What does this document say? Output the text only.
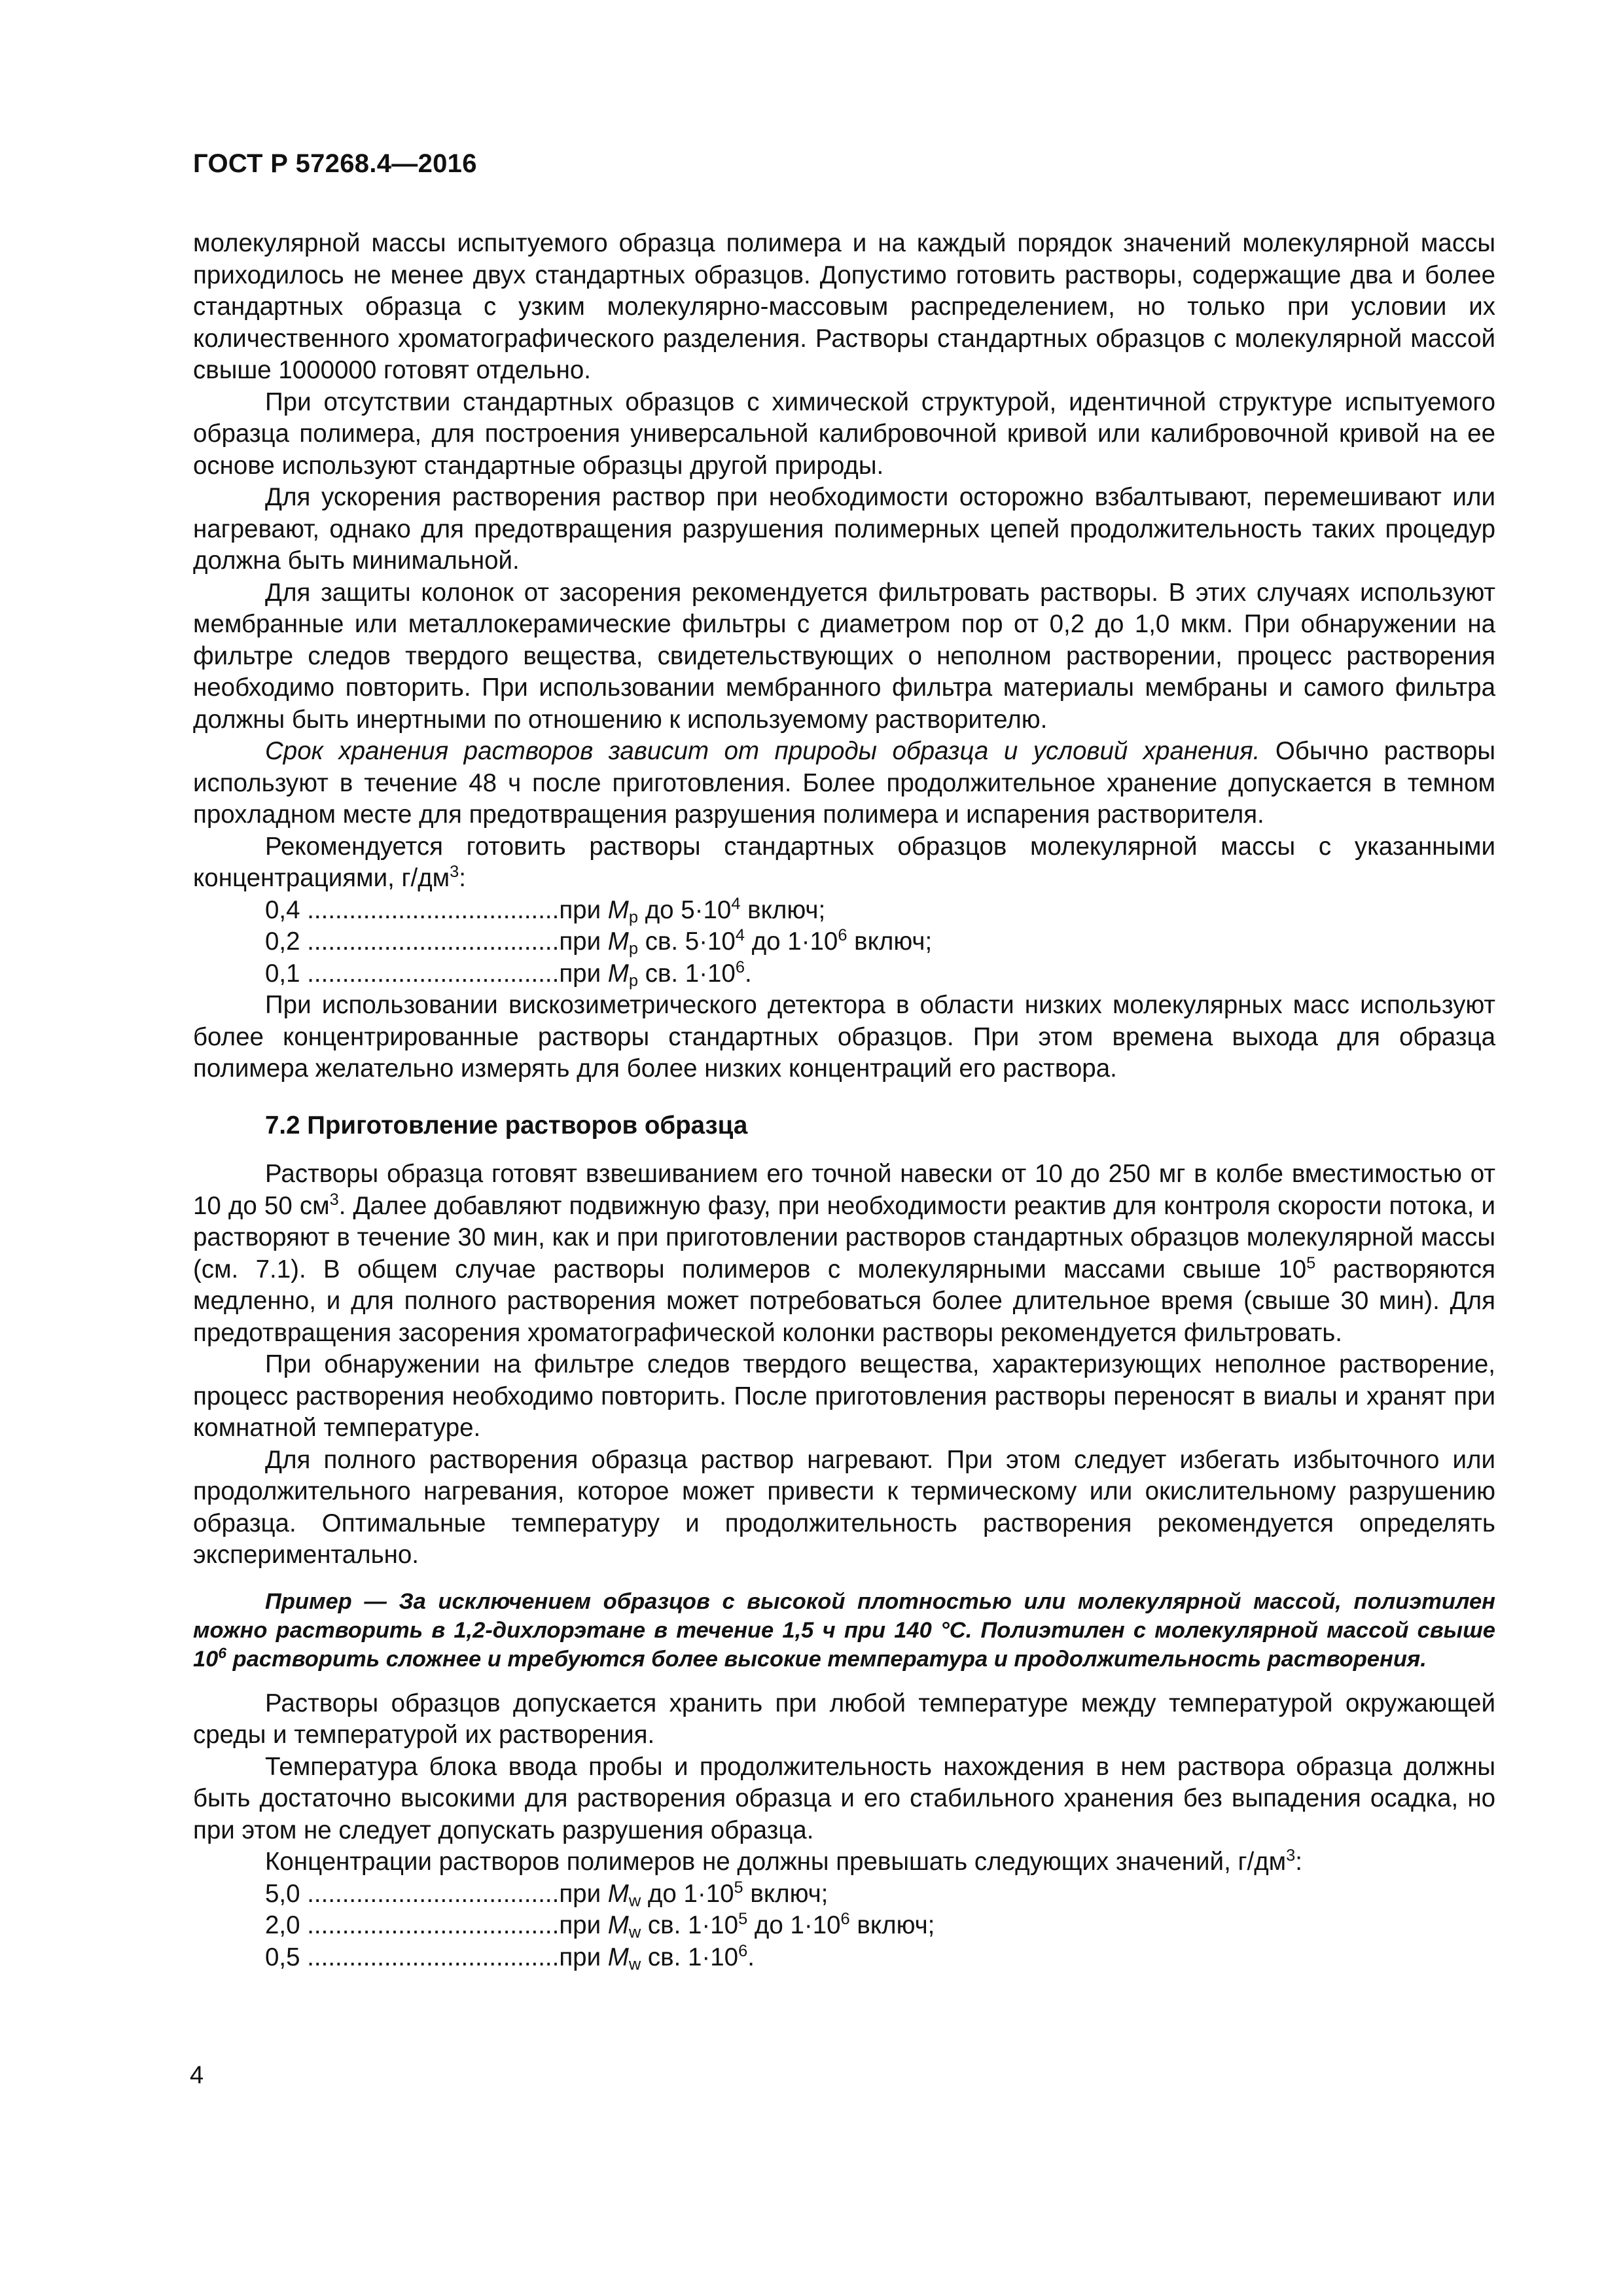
ГОСТ Р 57268.4—2016

молекулярной массы испытуемого образца полимера и на каждый порядок значений молекулярной массы приходилось не менее двух стандартных образцов. Допустимо готовить растворы, содержащие два и более стандартных образца с узким молекулярно-массовым распределением, но только при условии их количественного хроматографического разделения. Растворы стандартных образцов с молекулярной массой свыше 1000000 готовят отдельно.

При отсутствии стандартных образцов с химической структурой, идентичной структуре испытуемого образца полимера, для построения универсальной калибровочной кривой или калибровочной кривой на ее основе используют стандартные образцы другой природы.

Для ускорения растворения раствор при необходимости осторожно взбалтывают, перемешивают или нагревают, однако для предотвращения разрушения полимерных цепей продолжительность таких процедур должна быть минимальной.

Для защиты колонок от засорения рекомендуется фильтровать растворы. В этих случаях используют мембранные или металлокерамические фильтры с диаметром пор от 0,2 до 1,0 мкм. При обнаружении на фильтре следов твердого вещества, свидетельствующих о неполном растворении, процесс растворения необходимо повторить. При использовании мембранного фильтра материалы мембраны и самого фильтра должны быть инертными по отношению к используемому растворителю.

Срок хранения растворов зависит от природы образца и условий хранения. Обычно растворы используют в течение 48 ч после приготовления. Более продолжительное хранение допускается в темном прохладном месте для предотвращения разрушения полимера и испарения растворителя.

Рекомендуется готовить растворы стандартных образцов молекулярной массы с указанными концентрациями, $г/дм^3$:

0,4 ....................................при $M_p$ до $5\cdot 10^4$ включ;
0,2 ....................................при $M_p$ св. $5\cdot 10^4$ до $1\cdot 10^6$ включ;
0,1 ....................................при $M_p$ св. $1\cdot 10^6$.

При использовании вискозиметрического детектора в области низких молекулярных масс используют более концентрированные растворы стандартных образцов. При этом времена выхода для образца полимера желательно измерять для более низких концентраций его раствора.

7.2 Приготовление растворов образца

Растворы образца готовят взвешиванием его точной навески от 10 до 250 мг в колбе вместимостью от 10 до 50 $см^3$. Далее добавляют подвижную фазу, при необходимости реактив для контроля скорости потока, и растворяют в течение 30 мин, как и при приготовлении растворов стандартных образцов молекулярной массы (см. 7.1). В общем случае растворы полимеров с молекулярными массами свыше $10^5$ растворяются медленно, и для полного растворения может потребоваться более длительное время (свыше 30 мин). Для предотвращения засорения хроматографической колонки растворы рекомендуется фильтровать.

При обнаружении на фильтре следов твердого вещества, характеризующих неполное растворение, процесс растворения необходимо повторить. После приготовления растворы переносят в виалы и хранят при комнатной температуре.

Для полного растворения образца раствор нагревают. При этом следует избегать избыточного или продолжительного нагревания, которое может привести к термическому или окислительному разрушению образца. Оптимальные температуру и продолжительность растворения рекомендуется определять экспериментально.

Пример — За исключением образцов с высокой плотностью или молекулярной массой, полиэтилен можно растворить в 1,2-дихлорэтане в течение 1,5 ч при 140 °С. Полиэтилен с молекулярной массой свыше $10^6$ растворить сложнее и требуются более высокие температура и продолжительность растворения.

Растворы образцов допускается хранить при любой температуре между температурой окружающей среды и температурой их растворения.

Температура блока ввода пробы и продолжительность нахождения в нем раствора образца должны быть достаточно высокими для растворения образца и его стабильного хранения без выпадения осадка, но при этом не следует допускать разрушения образца.

Концентрации растворов полимеров не должны превышать следующих значений, $г/дм^3$:

5,0 ....................................при $M_w$ до $1\cdot 10^5$ включ;
2,0 ....................................при $M_w$ св. $1\cdot 10^5$ до $1\cdot 10^6$ включ;
0,5 ....................................при $M_w$ св. $1\cdot 10^6$.
4
